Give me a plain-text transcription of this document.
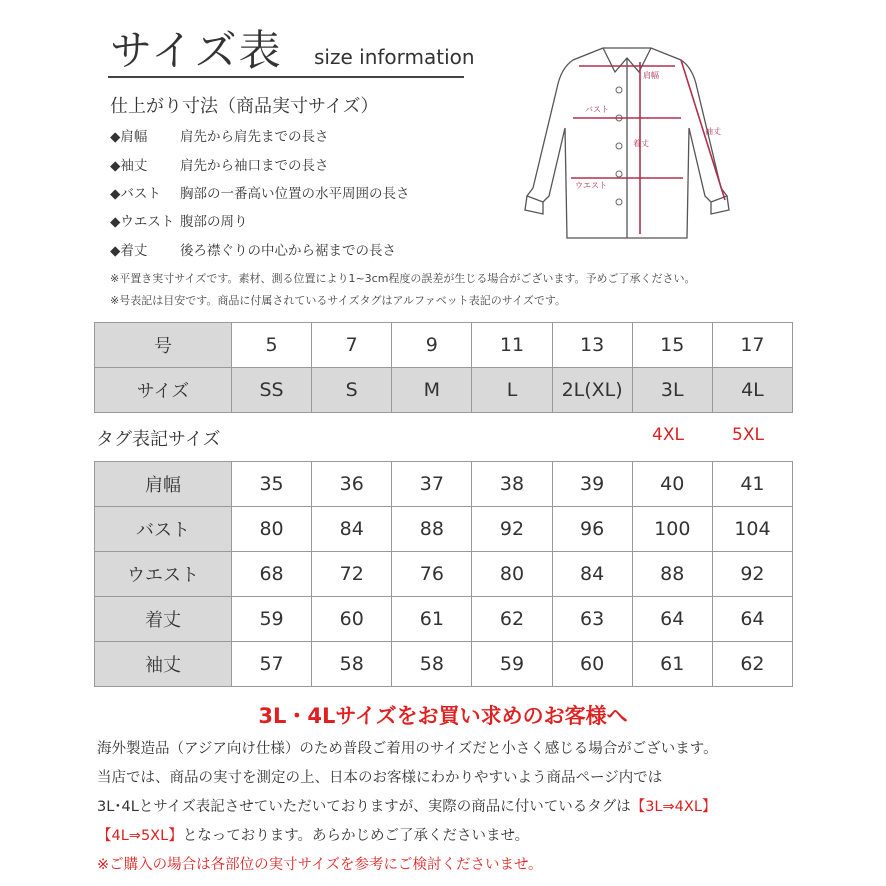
サイズ表 size information
仕上がり寸法（商品実寸サイズ）
◆肩幅 肩先から肩先までの長さ
◆袖丈 肩先から袖口までの長さ
◆バスト 胸部の一番高い位置の水平周囲の長さ
◆ウエスト 腹部の周り
◆着丈 後ろ襟ぐりの中心から裾までの長さ
※平置き実寸サイズです。素材、測る位置により1~3cm程度の誤差が生じる場合がございます。予めご了承ください。
※号表記は目安です。商品に付属されているサイズタグはアルファベット表記のサイズです。
肩幅
バスト
着丈
ウエスト
袖丈
号	5	7	9	11	13	15	17
サイズ	SS	S	M	L	2L(XL)	3L	4L
タグ表記サイズ	4XL	5XL
肩幅	35	36	37	38	39	40	41
バスト	80	84	88	92	96	100	104
ウエスト	68	72	76	80	84	88	92
着丈	59	60	61	62	63	64	64
袖丈	57	58	58	59	60	61	62
3L・4Lサイズをお買い求めのお客様へ
海外製造品（アジア向け仕様）のため普段ご着用のサイズだと小さく感じる場合がございます。
当店では、商品の実寸を測定の上、日本のお客様にわかりやすいよう商品ページ内では
3L･4Lとサイズ表記させていただいておりますが、実際の商品に付いているタグは【3L⇒4XL】
【4L⇒5XL】となっております。あらかじめご了承くださいませ。
※ご購入の場合は各部位の実寸サイズを参考にご検討くださいませ。
